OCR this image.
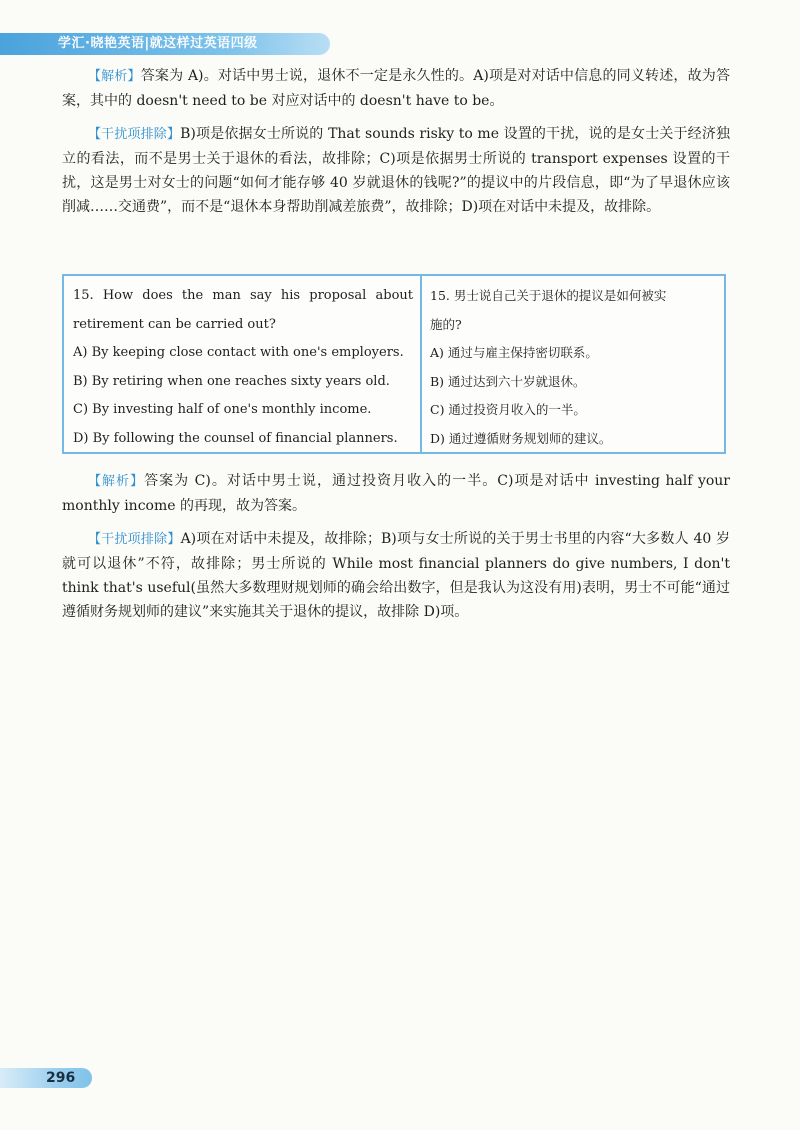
学汇·晓艳英语|就这样过英语四级

【解析】答案为 A)。对话中男士说，退休不一定是永久性的。A)项是对对话中信息的同义转述，故为答案，其中的 doesn't need to be 对应对话中的 doesn't have to be。

【干扰项排除】B)项是依据女士所说的 That sounds risky to me 设置的干扰，说的是女士关于经济独立的看法，而不是男士关于退休的看法，故排除；C)项是依据男士所说的 transport expenses 设置的干扰，这是男士对女士的问题“如何才能存够 40 岁就退休的钱呢?”的提议中的片段信息，即“为了早退休应该削减……交通费”，而不是“退休本身帮助削减差旅费”，故排除；D)项在对话中未提及，故排除。

15. How does the man say his proposal about

retirement can be carried out?

A) By keeping close contact with one's employers.

B) By retiring when one reaches sixty years old.

C) By investing half of one's monthly income.

D) By following the counsel of financial planners.

15. 男士说自己关于退休的提议是如何被实

施的?

A) 通过与雇主保持密切联系。

B) 通过达到六十岁就退休。

C) 通过投资月收入的一半。

D) 通过遵循财务规划师的建议。

【解析】答案为 C)。对话中男士说，通过投资月收入的一半。C)项是对话中 investing half your monthly income 的再现，故为答案。

【干扰项排除】A)项在对话中未提及，故排除；B)项与女士所说的关于男士书里的内容“大多数人 40 岁就可以退休”不符，故排除；男士所说的 While most financial planners do give numbers, I don't think that's useful(虽然大多数理财规划师的确会给出数字，但是我认为这没有用)表明，男士不可能“通过遵循财务规划师的建议”来实施其关于退休的提议，故排除 D)项。

296
